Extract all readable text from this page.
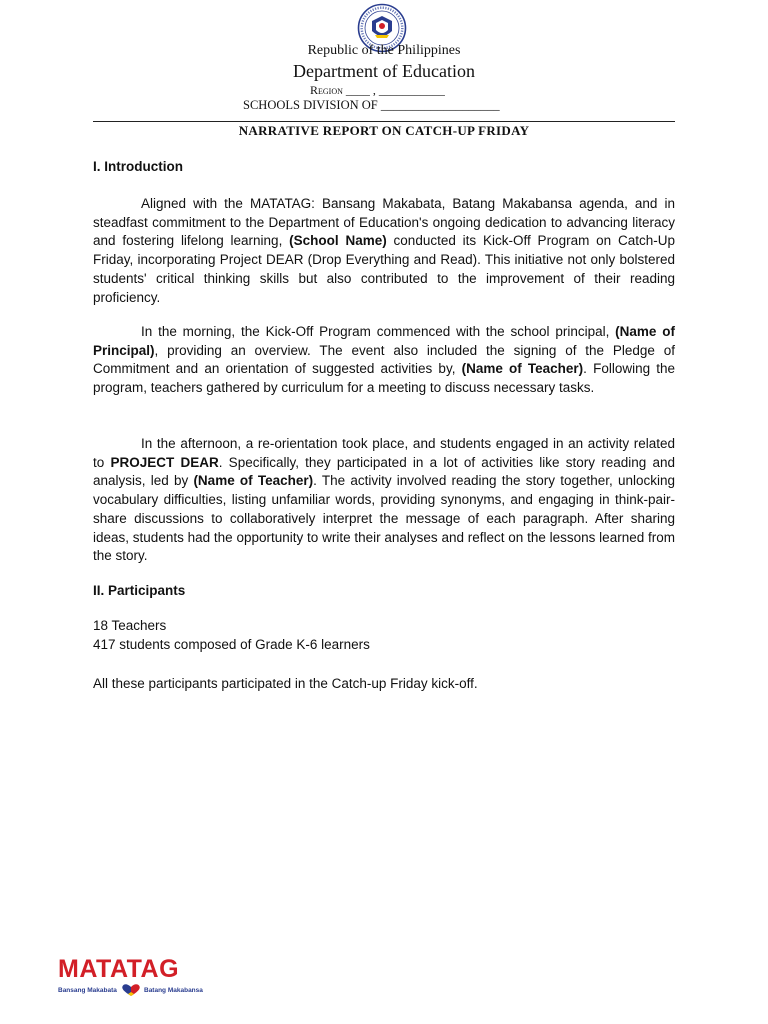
Republic of the Philippines
Department of Education
Region ____ , ___________
SCHOOLS DIVISION OF ___________________
NARRATIVE REPORT ON CATCH-UP FRIDAY
I. Introduction

Aligned with the MATATAG: Bansang Makabata, Batang Makabansa agenda, and in steadfast commitment to the Department of Education's ongoing dedication to advancing literacy and fostering lifelong learning, (School Name) conducted its Kick-Off Program on Catch-Up Friday, incorporating Project DEAR (Drop Everything and Read). This initiative not only bolstered students' critical thinking skills but also contributed to the improvement of their reading proficiency.

In the morning, the Kick-Off Program commenced with the school principal, (Name of Principal), providing an overview. The event also included the signing of the Pledge of Commitment and an orientation of suggested activities by, (Name of Teacher). Following the program, teachers gathered by curriculum for a meeting to discuss necessary tasks.

In the afternoon, a re-orientation took place, and students engaged in an activity related to PROJECT DEAR. Specifically, they participated in a lot of activities like story reading and analysis, led by (Name of Teacher). The activity involved reading the story together, unlocking vocabulary difficulties, listing unfamiliar words, providing synonyms, and engaging in think-pair-share discussions to collaboratively interpret the message of each paragraph. After sharing ideas, students had the opportunity to write their analyses and reflect on the lessons learned from the story.

II. Participants
18 Teachers
417 students composed of Grade K-6 learners
All these participants participated in the Catch-up Friday kick-off.
MATATAG
Bansang Makabata	Batang Makabansa
